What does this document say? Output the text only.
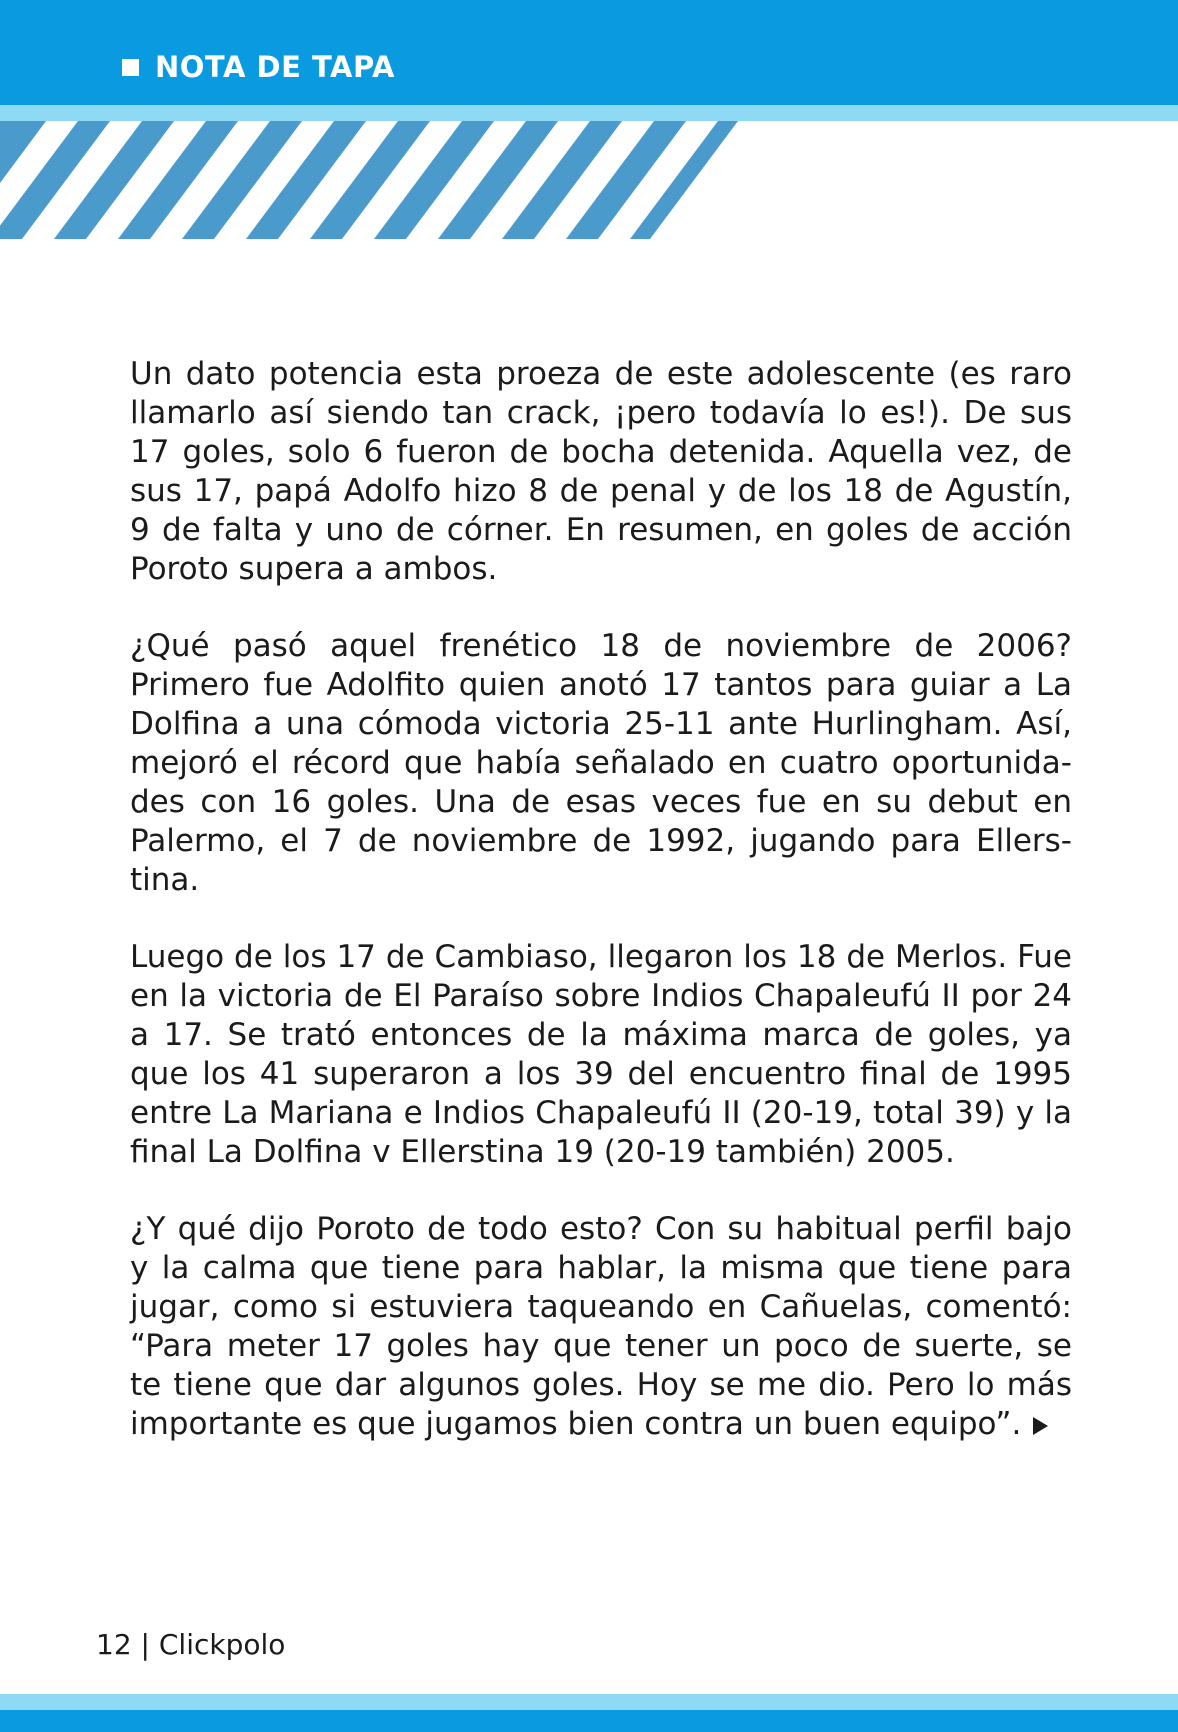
NOTA DE TAPA

Un dato potencia esta proeza de este adolescente (es raro llamarlo así siendo tan crack, ¡pero todavía lo es!). De sus 17 goles, solo 6 fueron de bocha detenida. Aquella vez, de sus 17, papá Adolfo hizo 8 de penal y de los 18 de Agustín, 9 de falta y uno de córner. En resumen, en goles de acción Poroto supera a ambos.

¿Qué pasó aquel frenético 18 de noviembre de 2006? Primero fue Adolfito quien anotó 17 tantos para guiar a La Dolfina a una cómoda victoria 25-11 ante Hurlingham. Así, mejoró el récord que había señalado en cuatro oportunida-des con 16 goles. Una de esas veces fue en su debut en Palermo, el 7 de noviembre de 1992, jugando para Ellers-tina.

Luego de los 17 de Cambiaso, llegaron los 18 de Merlos. Fue en la victoria de El Paraíso sobre Indios Chapaleufú II por 24 a 17. Se trató entonces de la máxima marca de goles, ya que los 41 superaron a los 39 del encuentro final de 1995 entre La Mariana e Indios Chapaleufú II (20-19, total 39) y la final La Dolfina v Ellerstina 19 (20-19 también) 2005.

¿Y qué dijo Poroto de todo esto? Con su habitual perfil bajo y la calma que tiene para hablar, la misma que tiene para jugar, como si estuviera taqueando en Cañuelas, comentó: “Para meter 17 goles hay que tener un poco de suerte, se te tiene que dar algunos goles. Hoy se me dio. Pero lo más importante es que jugamos bien contra un buen equipo”.

12 | Clickpolo
